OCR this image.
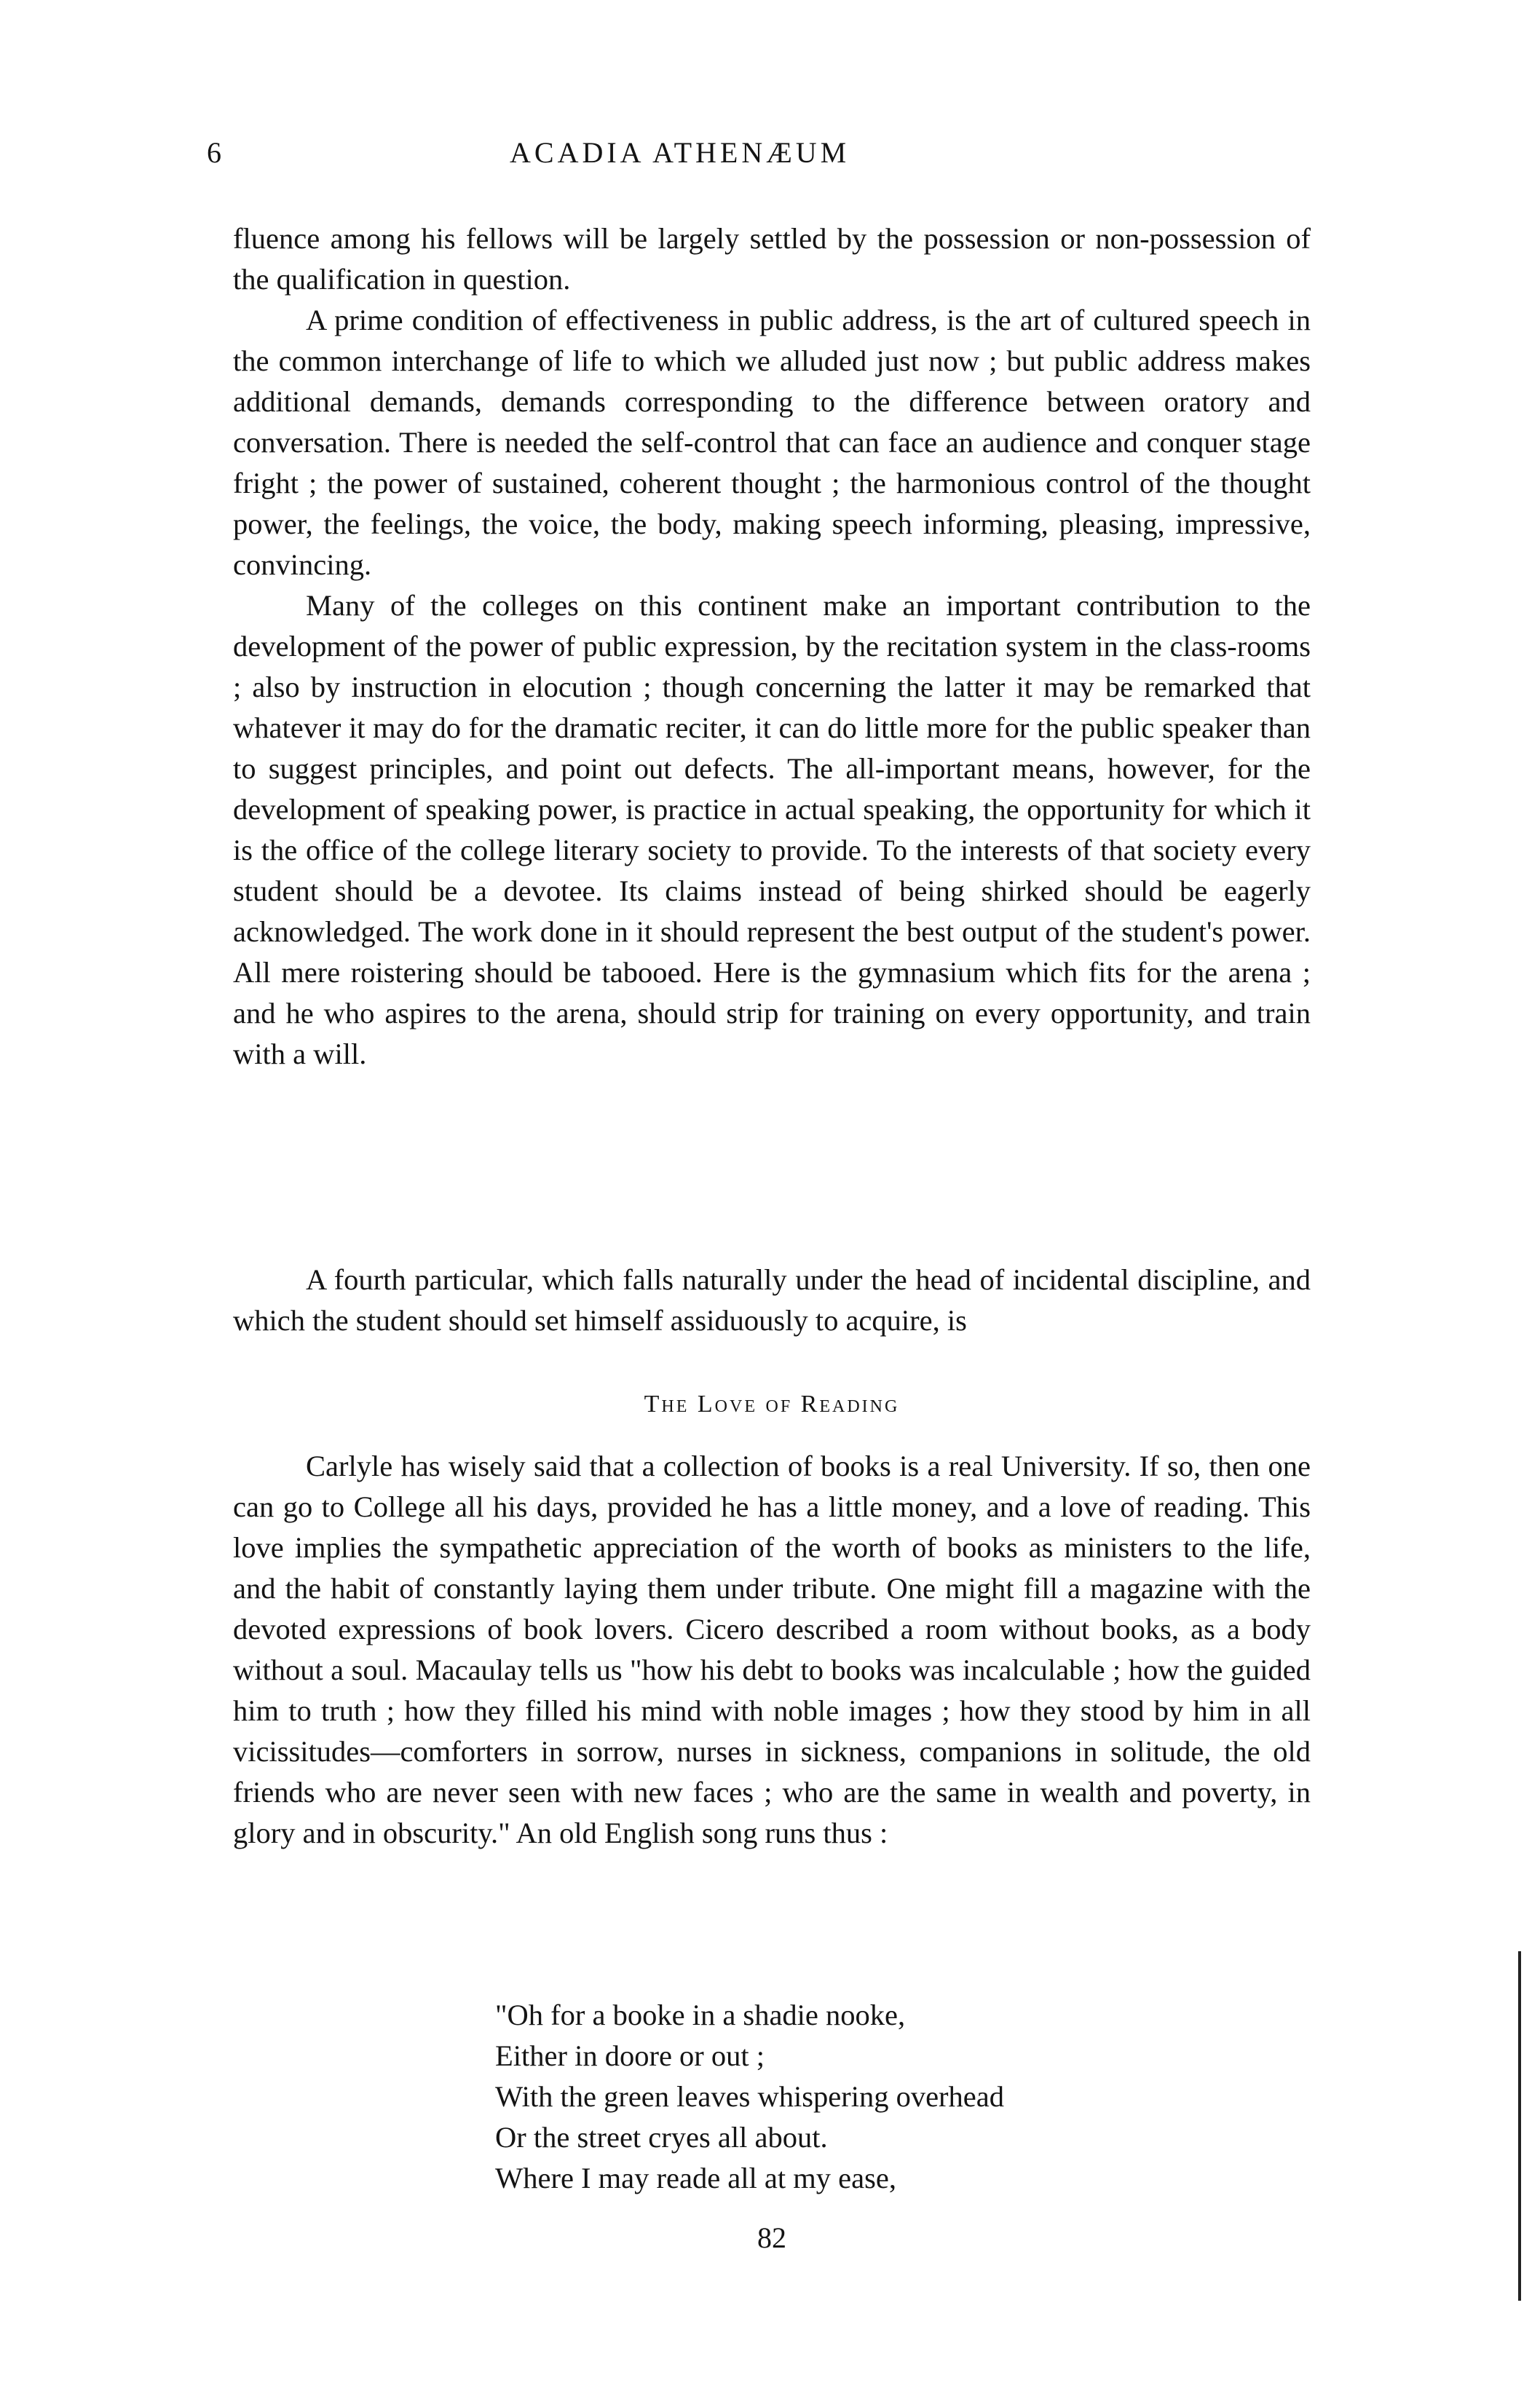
6	ACADIA ATHENÆUM

fluence among his fellows will be largely settled by the possession or non-possession of the qualification in question.

A prime condition of effectiveness in public address, is the art of cultured speech in the common interchange of life to which we alluded just now ; but public address makes additional demands, demands corresponding to the difference between oratory and conversation. There is needed the self-control that can face an audience and conquer stage fright ; the power of sustained, coherent thought ; the harmonious control of the thought power, the feelings, the voice, the body, making speech informing, pleasing, impressive, convincing.

Many of the colleges on this continent make an important contribution to the development of the power of public expression, by the recitation system in the class-rooms ; also by instruction in elocution ; though concerning the latter it may be remarked that whatever it may do for the dramatic reciter, it can do little more for the public speaker than to suggest principles, and point out defects. The all-important means, however, for the development of speaking power, is practice in actual speaking, the opportunity for which it is the office of the college literary society to provide. To the interests of that society every student should be a devotee. Its claims instead of being shirked should be eagerly acknowledged. The work done in it should represent the best output of the student's power. All mere roistering should be tabooed. Here is the gymnasium which fits for the arena ; and he who aspires to the arena, should strip for training on every opportunity, and train with a will.

A fourth particular, which falls naturally under the head of incidental discipline, and which the student should set himself assiduously to acquire, is

The Love of Reading

Carlyle has wisely said that a collection of books is a real University. If so, then one can go to College all his days, provided he has a little money, and a love of reading. This love implies the sympathetic appreciation of the worth of books as ministers to the life, and the habit of constantly laying them under tribute. One might fill a magazine with the devoted expressions of book lovers. Cicero described a room without books, as a body without a soul. Macaulay tells us "how his debt to books was incalculable ; how the guided him to truth ; how they filled his mind with noble images ; how they stood by him in all vicissitudes—comforters in sorrow, nurses in sickness, companions in solitude, the old friends who are never seen with new faces ; who are the same in wealth and poverty, in glory and in obscurity." An old English song runs thus :

"Oh for a booke in a shadie nooke,
Either in doore or out ;
With the green leaves whispering overhead
Or the street cryes all about.
Where I may reade all at my ease,
82
